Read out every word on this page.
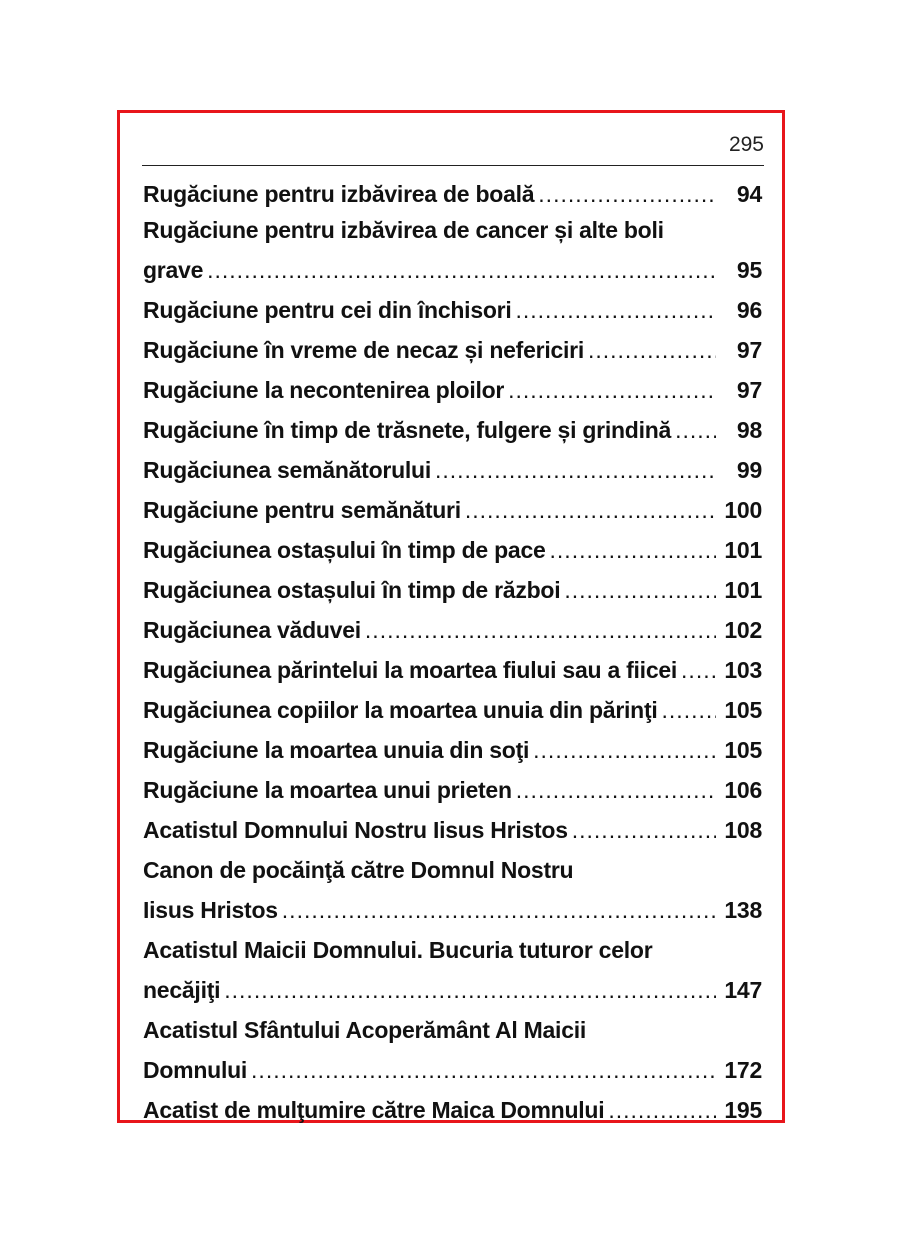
295
Rugăciune pentru izbăvirea de boală .....	94
Rugăciune pentru izbăvirea de cancer și alte boli
grave .....	95
Rugăciune pentru cei din închisori .....	96
Rugăciune în vreme de necaz și nefericiri .....	97
Rugăciune la necontenirea ploilor .....	97
Rugăciune în timp de trăsnete, fulgere și grindină .....	98
Rugăciunea semănătorului .....	99
Rugăciune pentru semănături .....	100
Rugăciunea ostașului în timp de pace .....	101
Rugăciunea ostașului în timp de război .....	101
Rugăciunea văduvei .....	102
Rugăciunea părintelui la moartea fiului sau a fiicei ..... 103
Rugăciunea copiilor la moartea unuia din părinţi .....	105
Rugăciune la moartea unuia din soţi .....	105
Rugăciune la moartea unui prieten .....	106
Acatistul Domnului Nostru Iisus Hristos .....	108
Canon de pocăinţă către Domnul Nostru
Iisus Hristos .....	138
Acatistul Maicii Domnului. Bucuria tuturor celor
necăjiţi .....	147
Acatistul Sfântului Acoperământ Al Maicii
Domnului .....	172
Acatist de mulţumire către Maica Domnului .....	195
